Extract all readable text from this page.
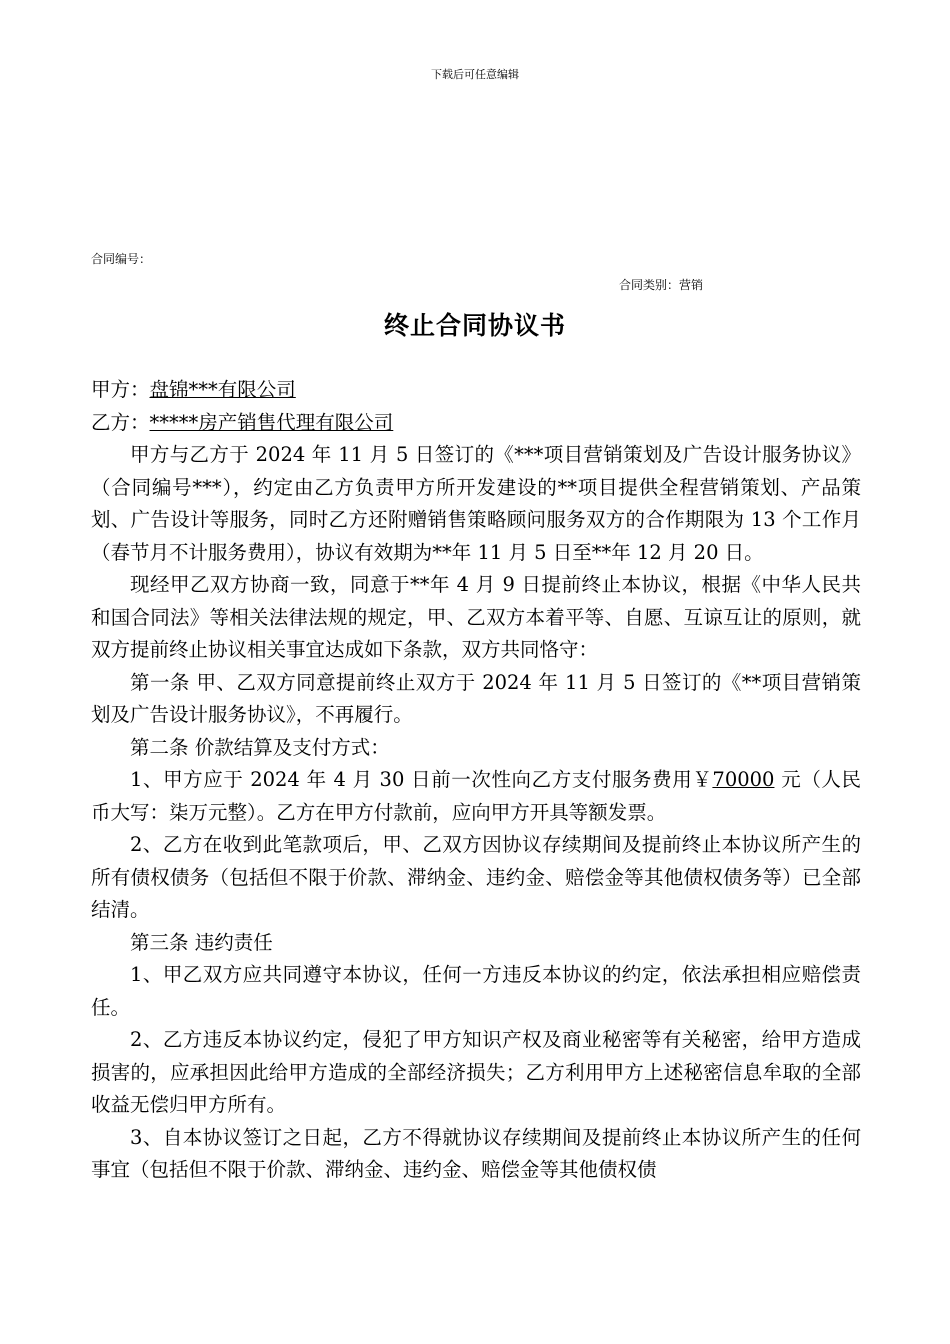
下载后可任意编辑
合同编号：
合同类别：营销
终止合同协议书

甲方：盘锦***有限公司

乙方：*****房产销售代理有限公司

甲方与乙方于 2024 年 11 月 5 日签订的《***项目营销策划及广告设计服务协议》（合同编号***），约定由乙方负责甲方所开发建设的**项目提供全程营销策划、产品策划、广告设计等服务，同时乙方还附赠销售策略顾问服务双方的合作期限为 13 个工作月（春节月不计服务费用），协议有效期为**年 11 月 5 日至**年 12 月 20 日。

现经甲乙双方协商一致，同意于**年 4 月 9 日提前终止本协议，根据《中华人民共和国合同法》等相关法律法规的规定，甲、乙双方本着平等、自愿、互谅互让的原则，就双方提前终止协议相关事宜达成如下条款，双方共同恪守：

第一条 甲、乙双方同意提前终止双方于 2024 年 11 月 5 日签订的《**项目营销策划及广告设计服务协议》，不再履行。

第二条 价款结算及支付方式：

1、甲方应于 2024 年 4 月 30 日前一次性向乙方支付服务费用￥70000 元（人民币大写：柒万元整）。乙方在甲方付款前，应向甲方开具等额发票。

2、乙方在收到此笔款项后，甲、乙双方因协议存续期间及提前终止本协议所产生的所有债权债务（包括但不限于价款、滞纳金、违约金、赔偿金等其他债权债务等）已全部结清。

第三条 违约责任

1、甲乙双方应共同遵守本协议，任何一方违反本协议的约定，依法承担相应赔偿责任。

2、乙方违反本协议约定，侵犯了甲方知识产权及商业秘密等有关秘密，给甲方造成损害的，应承担因此给甲方造成的全部经济损失；乙方利用甲方上述秘密信息牟取的全部收益无偿归甲方所有。

3、自本协议签订之日起，乙方不得就协议存续期间及提前终止本协议所产生的任何事宜（包括但不限于价款、滞纳金、违约金、赔偿金等其他债权债
